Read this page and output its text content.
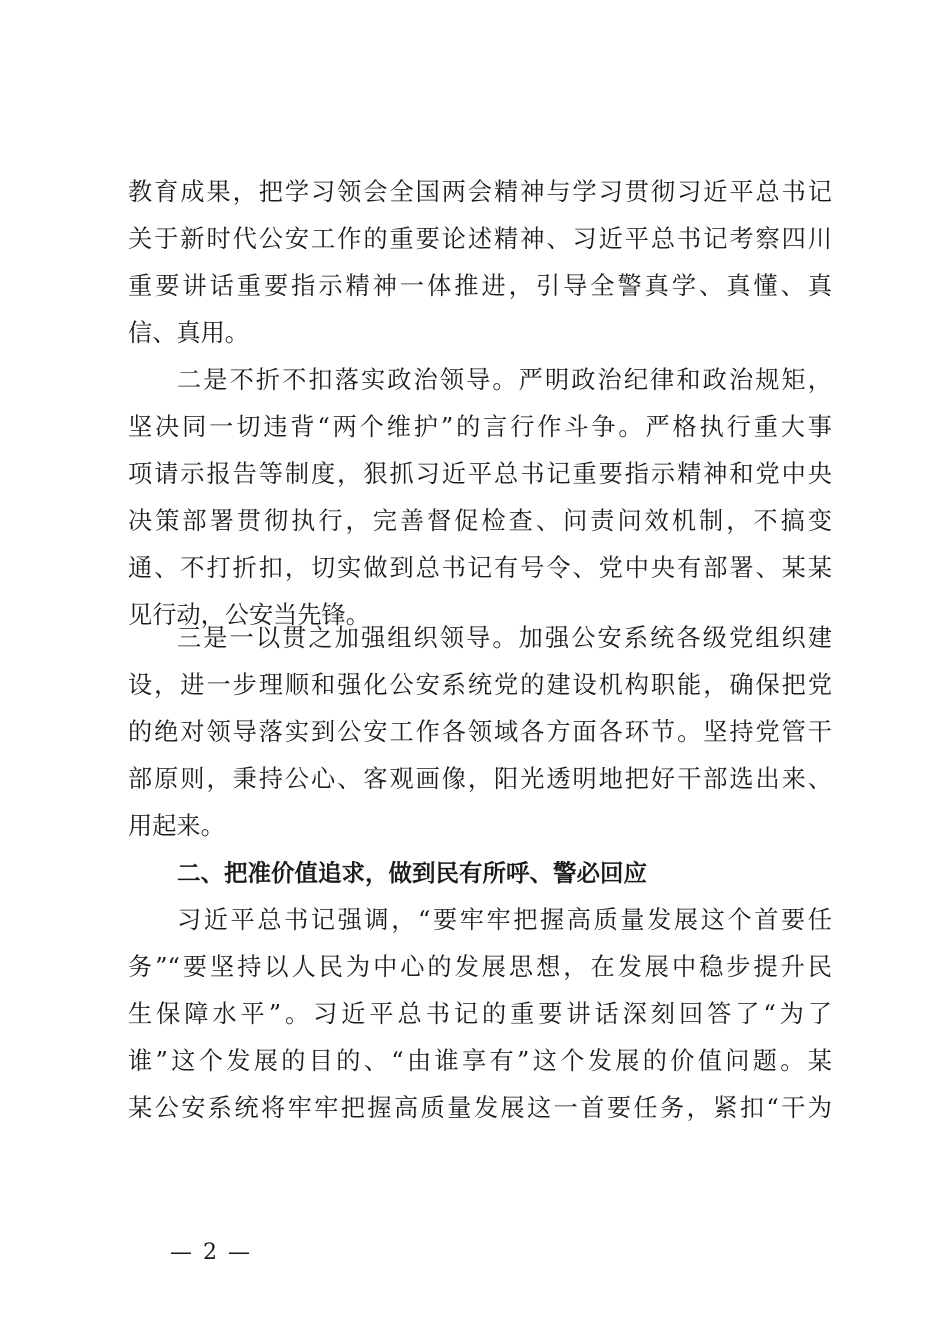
教育成果，把学习领会全国两会精神与学习贯彻习近平总书记
关于新时代公安工作的重要论述精神、习近平总书记考察四川
重要讲话重要指示精神一体推进，引导全警真学、真懂、真
信、真用。
二是不折不扣落实政治领导。严明政治纪律和政治规矩，
坚决同一切违背“两个维护”的言行作斗争。严格执行重大事
项请示报告等制度，狠抓习近平总书记重要指示精神和党中央
决策部署贯彻执行，完善督促检查、问责问效机制，不搞变
通、不打折扣，切实做到总书记有号令、党中央有部署、某某
见行动，公安当先锋。
三是一以贯之加强组织领导。加强公安系统各级党组织建
设，进一步理顺和强化公安系统党的建设机构职能，确保把党
的绝对领导落实到公安工作各领域各方面各环节。坚持党管干
部原则，秉持公心、客观画像，阳光透明地把好干部选出来、
用起来。
二、把准价值追求，做到民有所呼、警必回应
习近平总书记强调，“要牢牢把握高质量发展这个首要任
务”“要坚持以人民为中心的发展思想，在发展中稳步提升民
生保障水平”。习近平总书记的重要讲话深刻回答了“为了
谁”这个发展的目的、“由谁享有”这个发展的价值问题。某
某公安系统将牢牢把握高质量发展这一首要任务，紧扣“干为
— 2 —
